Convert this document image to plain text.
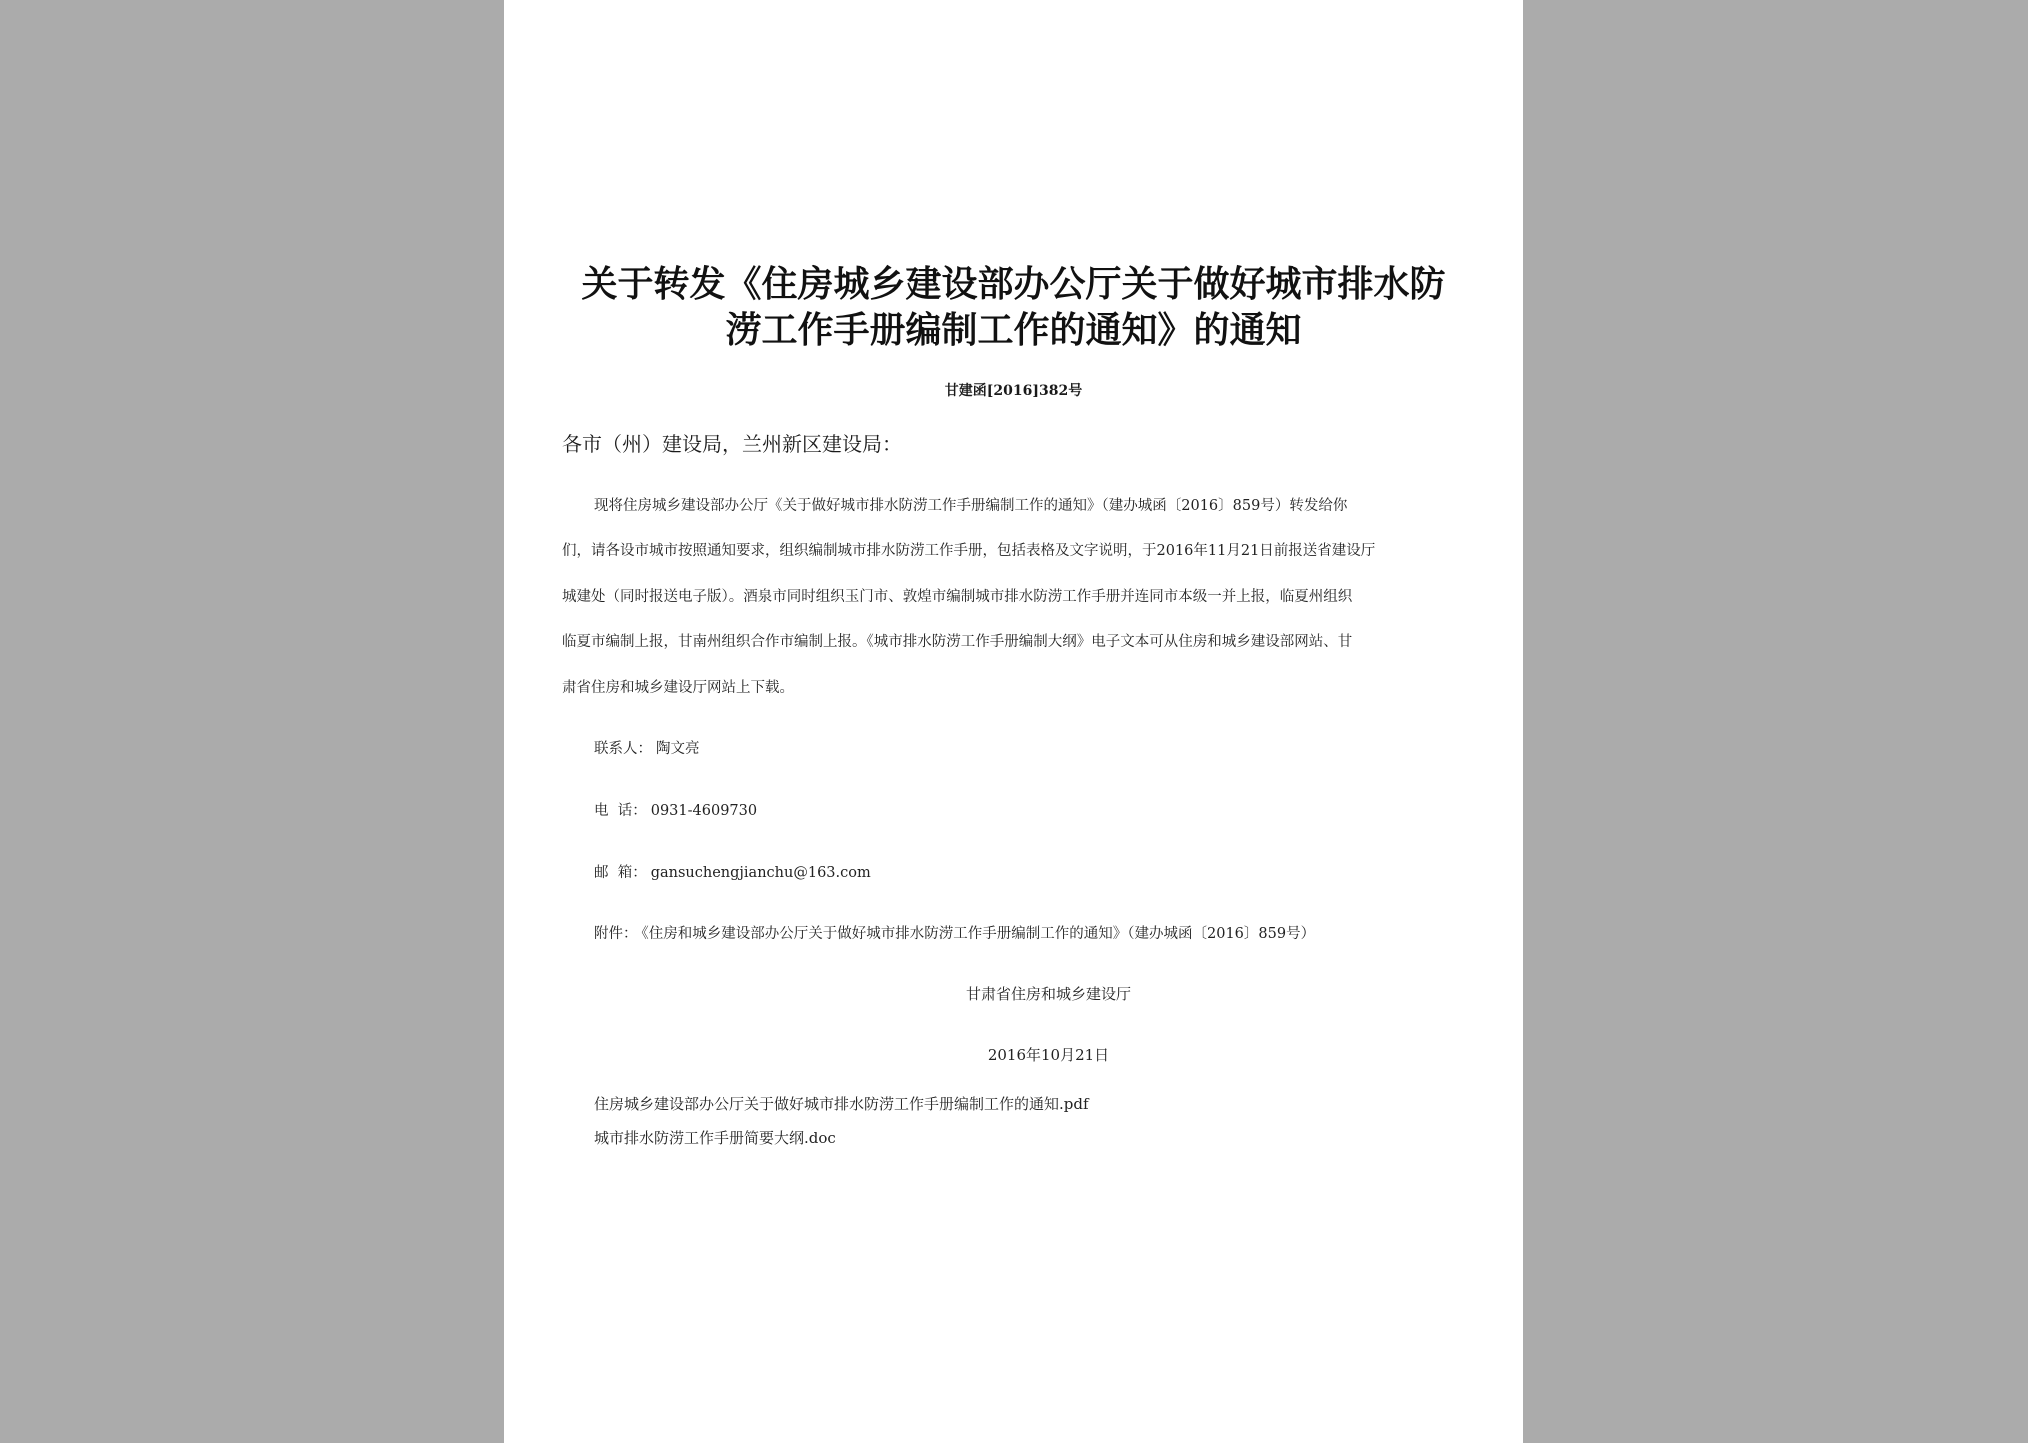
关于转发《住房城乡建设部办公厅关于做好城市排水防
涝工作手册编制工作的通知》的通知
甘建函[2016]382号
各市（州）建设局，兰州新区建设局：
现将住房城乡建设部办公厅《关于做好城市排水防涝工作手册编制工作的通知》（建办城函〔2016〕859号）转发给你
们，请各设市城市按照通知要求，组织编制城市排水防涝工作手册，包括表格及文字说明，于2016年11月21日前报送省建设厅
城建处（同时报送电子版）。酒泉市同时组织玉门市、敦煌市编制城市排水防涝工作手册并连同市本级一并上报，临夏州组织
临夏市编制上报，甘南州组织合作市编制上报。《城市排水防涝工作手册编制大纲》电子文本可从住房和城乡建设部网站、甘
肃省住房和城乡建设厅网站上下载。
联系人： 陶文亮
电  话： 0931-4609730
邮  箱： gansuchengjianchu@163.com
附件： 《住房和城乡建设部办公厅关于做好城市排水防涝工作手册编制工作的通知》（建办城函〔2016〕859号）
甘肃省住房和城乡建设厅
2016年10月21日
住房城乡建设部办公厅关于做好城市排水防涝工作手册编制工作的通知.pdf
城市排水防涝工作手册简要大纲.doc
